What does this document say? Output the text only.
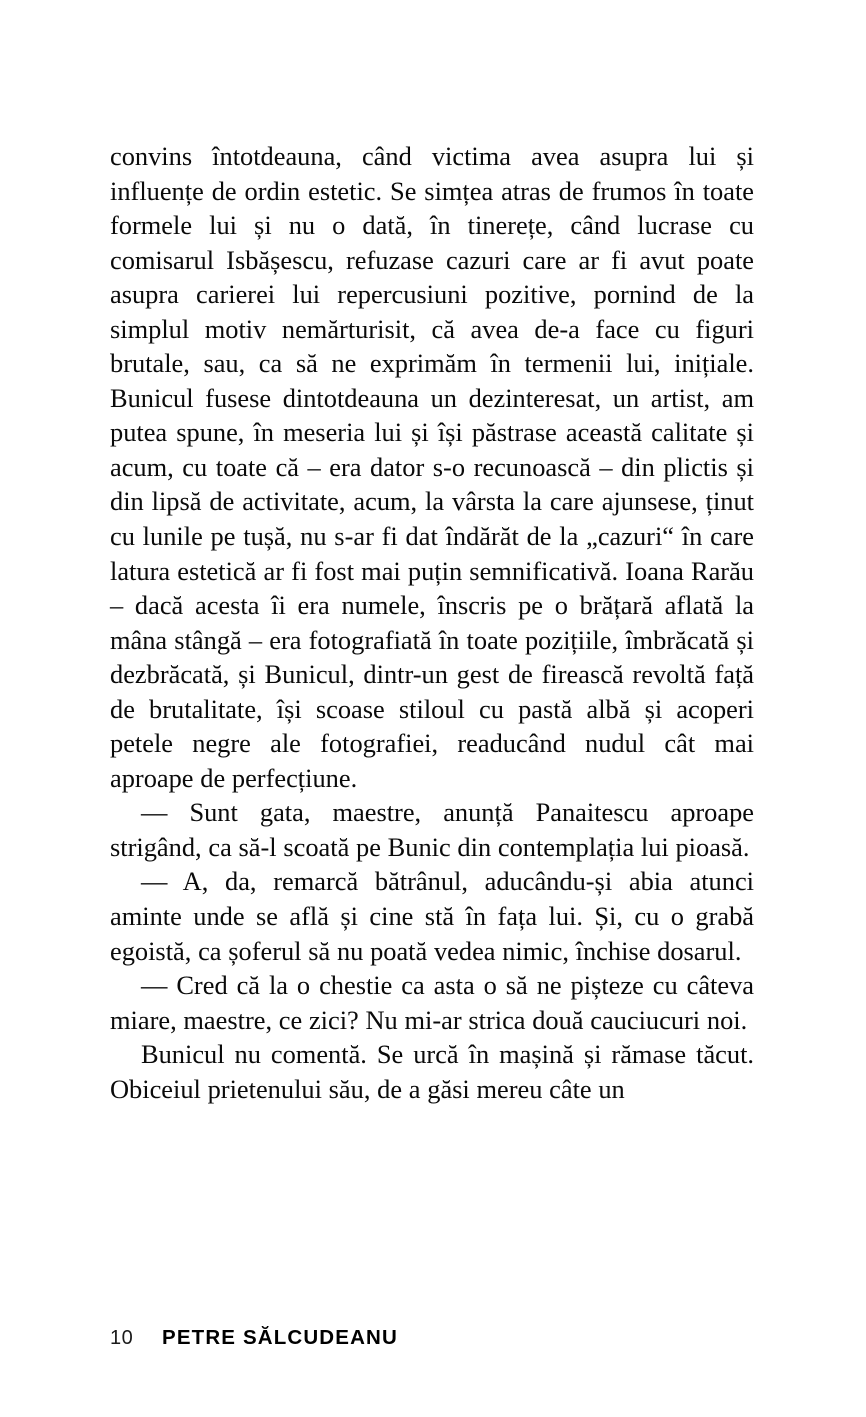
convins întotdeauna, când victima avea asupra lui și influențe de ordin estetic. Se simțea atras de frumos în toate formele lui și nu o dată, în tinerețe, când lucrase cu comisarul Isbășescu, refuzase cazuri care ar fi avut poate asupra carierei lui repercusiuni pozitive, pornind de la simplul motiv nemărturisit, că avea de-a face cu figuri brutale, sau, ca să ne exprimăm în termenii lui, inițiale. Bunicul fusese dintotdeauna un dezinteresat, un artist, am putea spune, în meseria lui și își păstrase această calitate și acum, cu toate că – era dator s-o recunoască – din plictis și din lipsă de activitate, acum, la vârsta la care ajunsese, ținut cu lunile pe tușă, nu s-ar fi dat îndărăt de la „cazuri“ în care latura estetică ar fi fost mai puțin semnificativă. Ioana Rarău – dacă acesta îi era numele, înscris pe o brățară aflată la mâna stângă – era fotografiată în toate pozițiile, îmbrăcată și dezbrăcată, și Bunicul, dintr-un gest de firească revoltă față de brutalitate, își scoase stiloul cu pastă albă și acoperi petele negre ale fotografiei, readucând nudul cât mai aproape de perfecțiune.

— Sunt gata, maestre, anunță Panaitescu aproape strigând, ca să-l scoată pe Bunic din contemplația lui pioasă.

— A, da, remarcă bătrânul, aducându-și abia atunci aminte unde se află și cine stă în fața lui. Și, cu o grabă egoistă, ca șoferul să nu poată vedea nimic, închise dosarul.

— Cred că la o chestie ca asta o să ne pișteze cu câteva miare, maestre, ce zici? Nu mi-ar strica două cauciucuri noi.

Bunicul nu comentă. Se urcă în mașină și rămase tăcut. Obiceiul prietenului său, de a găsi mereu câte un

10	PETRE SĂLCUDEANU
